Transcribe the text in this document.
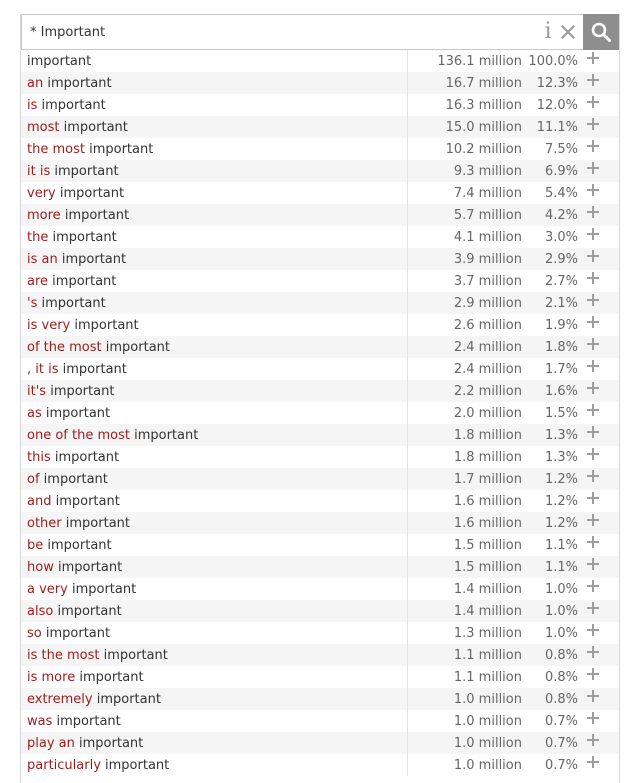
* Important
i
important	136.1 million 100.0%
an important	16.7 million	12.3%
is important	16.3 million	12.0%
most important	15.0 million	11.1%
the most important	10.2 million	7.5%
it is important	9.3 million	6.9%
very important	7.4 million	5.4%
more important	5.7 million	4.2%
the important	4.1 million	3.0%
is an important	3.9 million	2.9%
are important	3.7 million	2.7%
's important	2.9 million	2.1%
is very important	2.6 million	1.9%
of the most important	2.4 million	1.8%
, it is important	2.4 million	1.7%
it's important	2.2 million	1.6%
as important	2.0 million	1.5%
one of the most important	1.8 million	1.3%
this important	1.8 million	1.3%
of important	1.7 million	1.2%
and important	1.6 million	1.2%
other important	1.6 million	1.2%
be important	1.5 million	1.1%
how important	1.5 million	1.1%
a very important	1.4 million	1.0%
also important	1.4 million	1.0%
so important	1.3 million	1.0%
is the most important	1.1 million	0.8%
is more important	1.1 million	0.8%
extremely important	1.0 million	0.8%
was important	1.0 million	0.7%
play an important	1.0 million	0.7%
particularly important	1.0 million	0.7%
